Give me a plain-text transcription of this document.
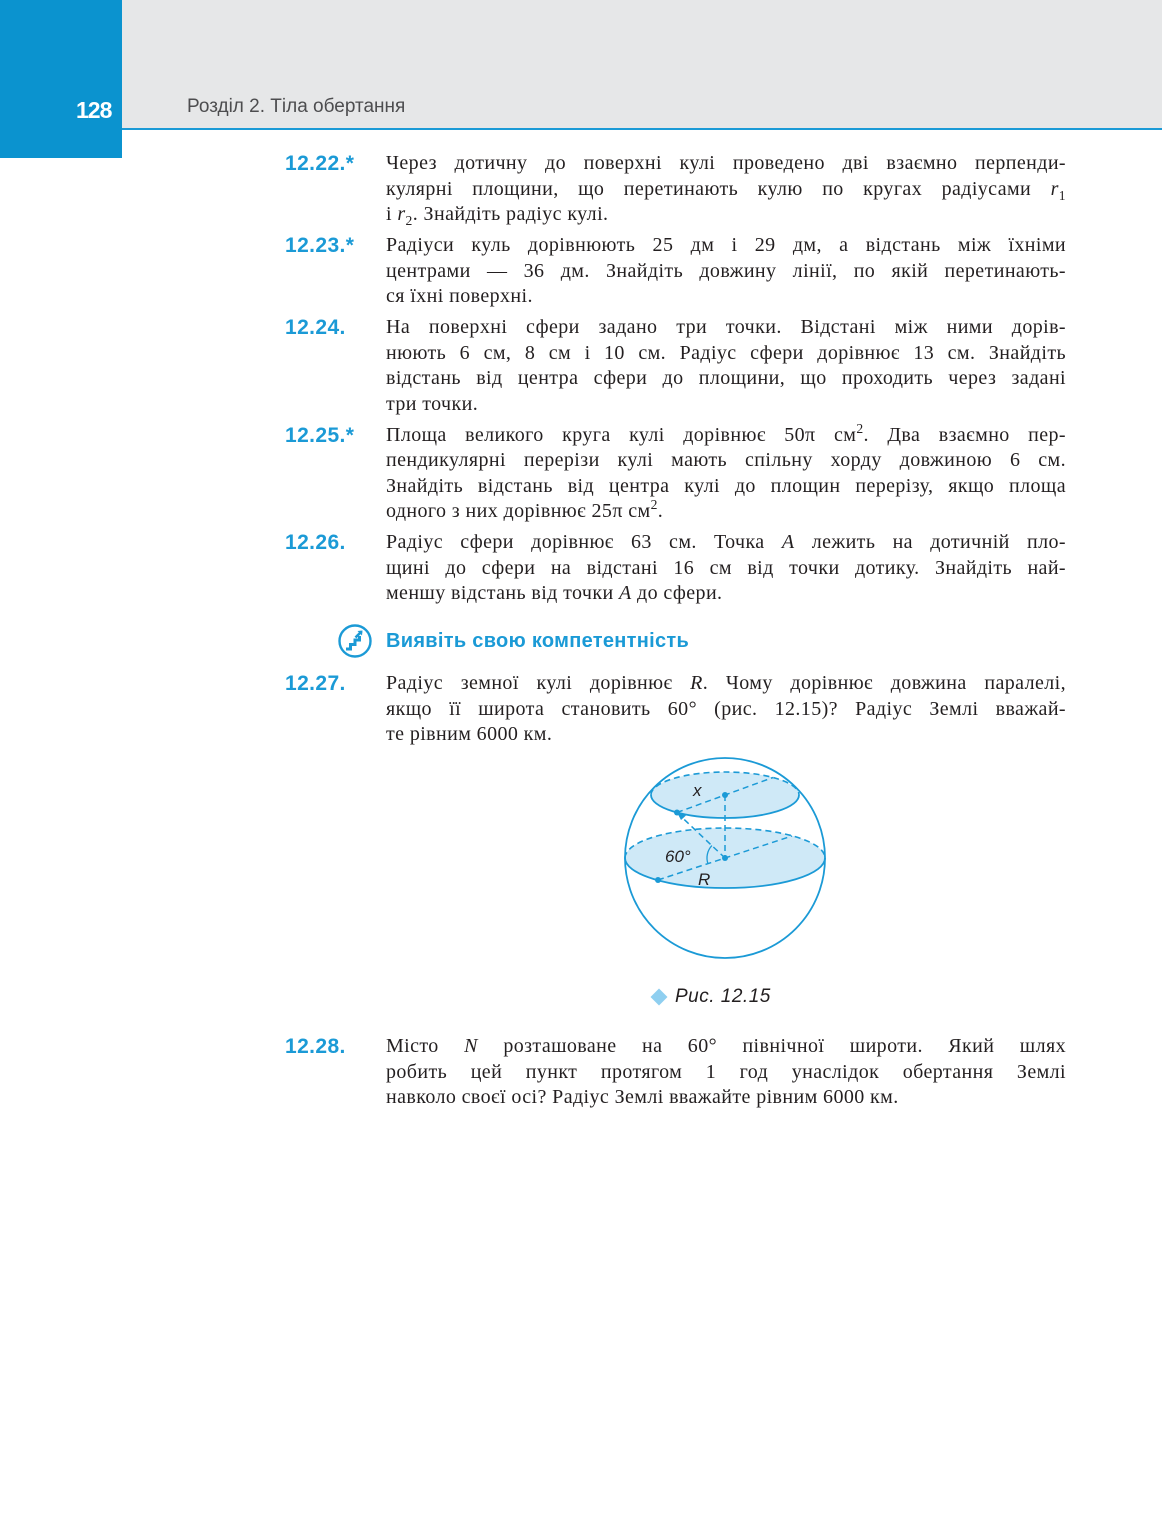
128	Розділ 2. Тіла обертання
12.22.*	Через дотичну до поверхні кулі проведено дві взаємно перпенди-
кулярні площини, що перетинають кулю по кругах радіусами $r_1$
і $r_2$. Знайдіть радіус кулі.
12.23.*	Радіуси куль дорівнюють 25 дм і 29 дм, а відстань між їхніми
центрами — 36 дм. Знайдіть довжину лінії, по якій перетинають-
ся їхні поверхні.
12.24.	На поверхні сфери задано три точки. Відстані між ними дорів-
нюють 6 см, 8 см і 10 см. Радіус сфери дорівнює 13 см. Знайдіть
відстань від центра сфери до площини, що проходить через задані
три точки.
12.25.*	Площа великого круга кулі дорівнює 50π $см^2$. Два взаємно пер-
пендикулярні перерізи кулі мають спільну хорду довжиною 6 см.
Знайдіть відстань від центра кулі до площин перерізу, якщо площа
одного з них дорівнює 25π $см^2$.
12.26.	Радіус сфери дорівнює 63 см. Точка A лежить на дотичній пло-
щині до сфери на відстані 16 см від точки дотику. Знайдіть най-
меншу відстань від точки A до сфери.
Виявіть свою компетентність
12.27.	Радіус земної кулі дорівнює R. Чому дорівнює довжина паралелі,
якщо її широта становить 60° (рис. 12.15)? Радіус Землі вважай-
те рівним 6000 км.
x
60°
R
Рис. 12.15
12.28.	Місто N розташоване на 60° північної широти. Який шлях
робить цей пункт протягом 1 год унаслідок обертання Землі
навколо своєї осі? Радіус Землі вважайте рівним 6000 км.
